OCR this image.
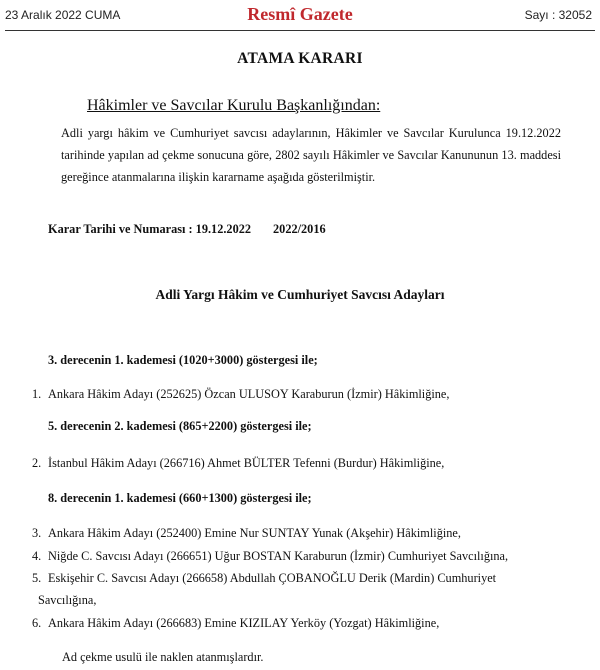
23 Aralık 2022 CUMA	Resmî Gazete	Sayı : 32052
ATAMA KARARI
Hâkimler ve Savcılar Kurulu Başkanlığından:
Adli yargı hâkim ve Cumhuriyet savcısı adaylarının, Hâkimler ve Savcılar Kurulunca 19.12.2022 tarihinde yapılan ad çekme sonucuna göre, 2802 sayılı Hâkimler ve Savcılar Kanununun 13. maddesi gereğince atanmalarına ilişkin kararname aşağıda gösterilmiştir.
Karar Tarihi ve Numarası : 19.12.2022 2022/2016
Adli Yargı Hâkim ve Cumhuriyet Savcısı Adayları
3. derecenin 1. kademesi (1020+3000) göstergesi ile;
1. Ankara Hâkim Adayı (252625) Özcan ULUSOY Karaburun (İzmir) Hâkimliğine,
5. derecenin 2. kademesi (865+2200) göstergesi ile;
2. İstanbul Hâkim Adayı (266716) Ahmet BÜLTER Tefenni (Burdur) Hâkimliğine,
8. derecenin 1. kademesi (660+1300) göstergesi ile;
3. Ankara Hâkim Adayı (252400) Emine Nur SUNTAY Yunak (Akşehir) Hâkimliğine,
4. Niğde C. Savcısı Adayı (266651) Uğur BOSTAN Karaburun (İzmir) Cumhuriyet Savcılığına,
5. Eskişehir C. Savcısı Adayı (266658) Abdullah ÇOBANOĞLU Derik (Mardin) Cumhuriyet
Savcılığına,
6. Ankara Hâkim Adayı (266683) Emine KIZILAY Yerköy (Yozgat) Hâkimliğine,
Ad çekme usulü ile naklen atanmışlardır.
